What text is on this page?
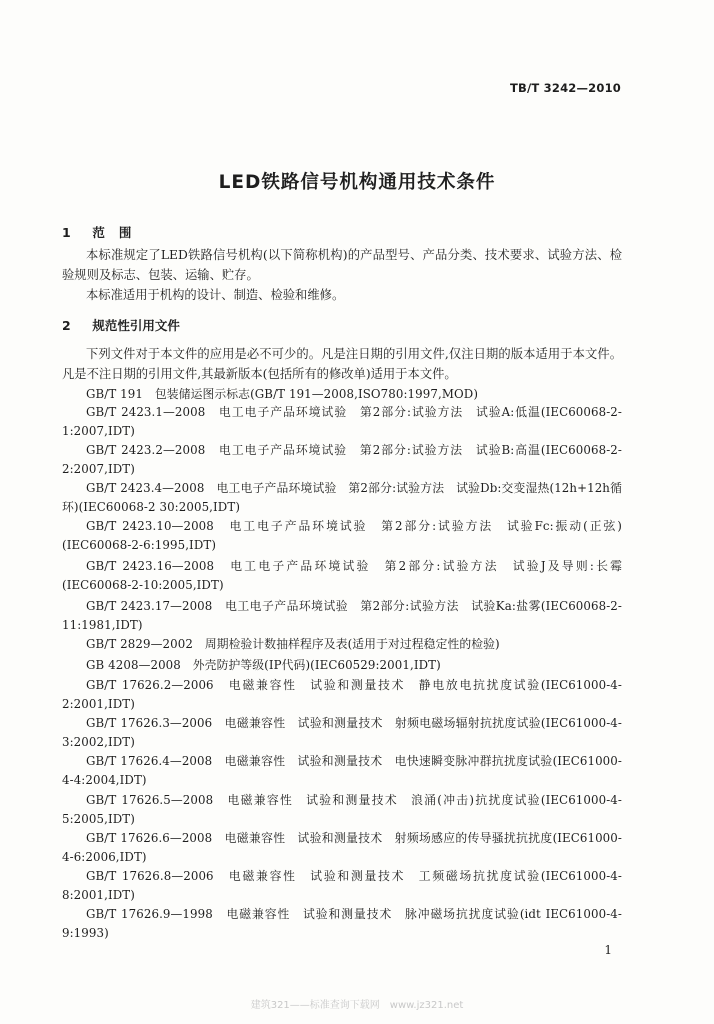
TB/T 3242—2010
LED铁路信号机构通用技术条件
1 范围
本标准规定了LED铁路信号机构(以下简称机构)的产品型号、产品分类、技术要求、试验方法、检验规则及标志、包装、运输、贮存。
本标准适用于机构的设计、制造、检验和维修。
2 规范性引用文件
下列文件对于本文件的应用是必不可少的。凡是注日期的引用文件,仅注日期的版本适用于本文件。凡是不注日期的引用文件,其最新版本(包括所有的修改单)适用于本文件。
GB/T 191　包装储运图示标志(GB/T 191—2008,ISO780:1997,MOD)
GB/T 2423.1—2008　电工电子产品环境试验　第2部分:试验方法　试验A:低温(IEC60068-2-1:2007,IDT)
GB/T 2423.2—2008　电工电子产品环境试验　第2部分:试验方法　试验B:高温(IEC60068-2-2:2007,IDT)
GB/T 2423.4—2008　电工电子产品环境试验　第2部分:试验方法　试验Db:交变湿热(12h+12h循环)(IEC60068-2 30:2005,IDT)
GB/T 2423.10—2008　电工电子产品环境试验　第2部分:试验方法　试验Fc:振动(正弦)(IEC60068-2-6:1995,IDT)
GB/T 2423.16—2008　电工电子产品环境试验　第2部分:试验方法　试验J及导则:长霉(IEC60068-2-10:2005,IDT)
GB/T 2423.17—2008　电工电子产品环境试验　第2部分:试验方法　试验Ka:盐雾(IEC60068-2-11:1981,IDT)
GB/T 2829—2002　周期检验计数抽样程序及表(适用于对过程稳定性的检验)
GB 4208—2008　外壳防护等级(IP代码)(IEC60529:2001,IDT)
GB/T 17626.2—2006　电磁兼容性　试验和测量技术　静电放电抗扰度试验(IEC61000-4-2:2001,IDT)
GB/T 17626.3—2006　电磁兼容性　试验和测量技术　射频电磁场辐射抗扰度试验(IEC61000-4-3:2002,IDT)
GB/T 17626.4—2008　电磁兼容性　试验和测量技术　电快速瞬变脉冲群抗扰度试验(IEC61000-4-4:2004,IDT)
GB/T 17626.5—2008　电磁兼容性　试验和测量技术　浪涌(冲击)抗扰度试验(IEC61000-4-5:2005,IDT)
GB/T 17626.6—2008　电磁兼容性　试验和测量技术　射频场感应的传导骚扰抗扰度(IEC61000-4-6:2006,IDT)
GB/T 17626.8—2006　电磁兼容性　试验和测量技术　工频磁场抗扰度试验(IEC61000-4-8:2001,IDT)
GB/T 17626.9—1998　电磁兼容性　试验和测量技术　脉冲磁场抗扰度试验(idt IEC61000-4-9:1993)
1
建筑321——标准查询下载网　www.jz321.net
